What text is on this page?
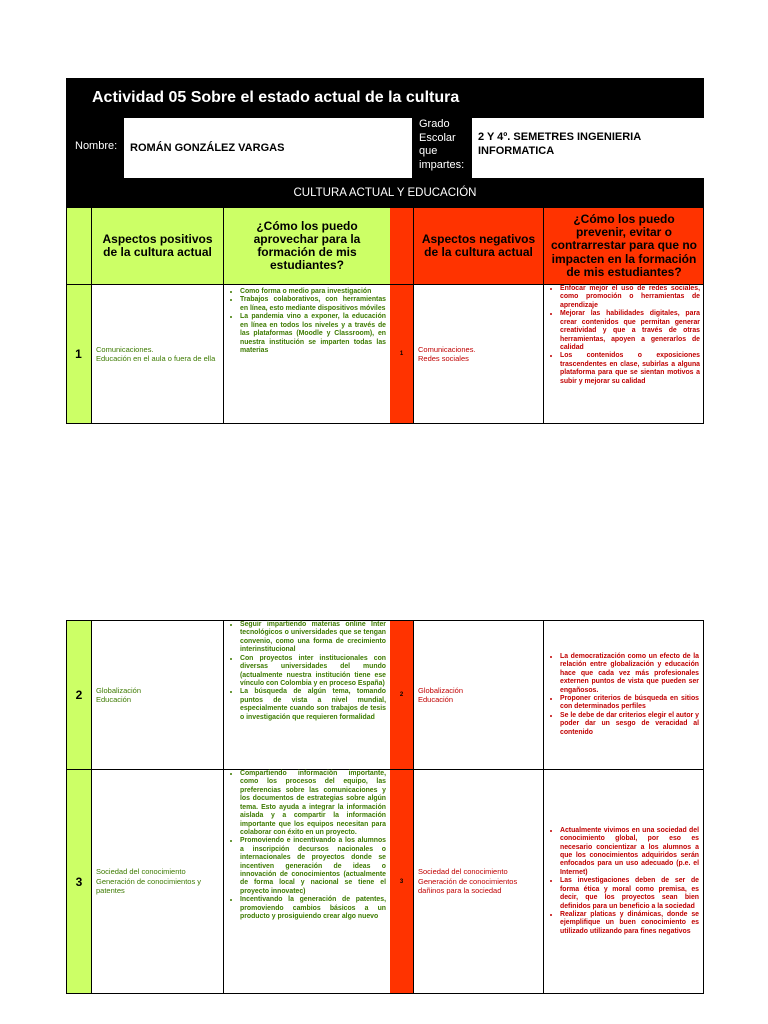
Actividad 05 Sobre el estado actual de la cultura
Nombre: ROMÁN GONZÁLEZ VARGAS
Grado
Escolar
que
impartes:
2 Y 4º. SEMETRES INGENIERIA INFORMATICA
CULTURA ACTUAL Y EDUCACIÓN
Aspectos positivos de la cultura actual
¿Cómo los puedo aprovechar para la formación de mis estudiantes?
Aspectos negativos de la cultura actual
¿Cómo los puedo prevenir, evitar o contrarrestar para que no impacten en la formación de mis estudiantes?
1	Comunicaciones.
Educación en el aula o fuera de ella
• Como forma o medio para investigación
• Trabajos colaborativos, con herramientas en línea, esto mediante dispositivos móviles
• La pandemia vino a exponer, la educación en línea en todos los niveles y a través de las plataformas (Moodle y Classroom), en nuestra institución se imparten todas las materias
1
Comunicaciones.
Redes sociales
• Enfocar mejor el uso de redes sociales, como promoción o herramientas de aprendizaje
• Mejorar las habilidades digitales, para crear contenidos que permitan generar creatividad y que a través de otras herramientas, apoyen a generarlos de calidad
• Los contenidos o exposiciones trascendentes en clase, subirlas a alguna plataforma para que se sientan motivos a subir y mejorar su calidad
2	Globalización
Educación
• Seguir impartiendo materias online Inter tecnológicos o universidades que se tengan convenio, como una forma de crecimiento interinstitucional
• Con proyectos inter institucionales con diversas universidades del mundo (actualmente nuestra institución tiene ese vínculo con Colombia y en proceso España)
• La búsqueda de algún tema, tomando puntos de vista a nivel mundial, especialmente cuando son trabajos de tesis o investigación que requieren formalidad
2
Globalización
Educación
• La democratización como un efecto de la relación entre globalización y educación hace que cada vez más profesionales externen puntos de vista que pueden ser engañosos.
• Proponer criterios de búsqueda en sitios con determinados perfiles
• Se le debe de dar criterios elegir el autor y poder dar un sesgo de veracidad al contenido
3
Sociedad del conocimiento
Generación de conocimientos y patentes
• Compartiendo información importante, como los procesos del equipo, las preferencias sobre las comunicaciones y los documentos de estrategias sobre algún tema. Esto ayuda a integrar la información aislada y a compartir la información importante que los equipos necesitan para colaborar con éxito en un proyecto.
• Promoviendo e incentivando a los alumnos a inscripción decursos nacionales o internacionales de proyectos donde se incentiven generación de ideas o innovación de conocimientos (actualmente de forma local y nacional se tiene el proyecto innovatec)
• Incentivando la generación de patentes, promoviendo cambios básicos a un producto y prosiguiendo crear algo nuevo
3
Sociedad del conocimiento
Generación de conocimientos dañinos para la sociedad
• Actualmente vivimos en una sociedad del conocimiento global, por eso es necesario concientizar a los alumnos a que los conocimientos adquiridos serán enfocados para un uso adecuado (p.e. el Internet)
• Las investigaciones deben de ser de forma ética y moral como premisa, es decir, que los proyectos sean bien definidos para un beneficio a la sociedad
• Realizar platicas y dinámicas, donde se ejemplifique un buen conocimiento es utilizado utilizando para fines negativos
